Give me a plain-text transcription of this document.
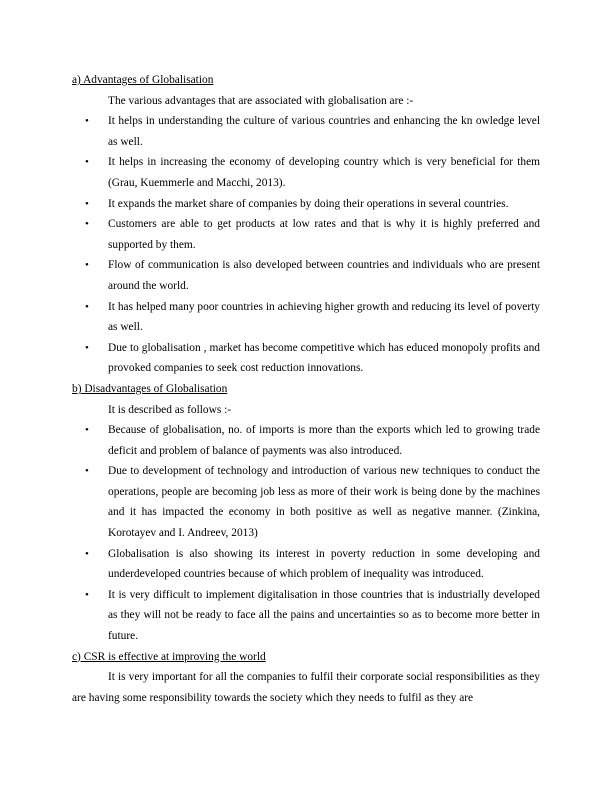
a) Advantages of Globalisation

The various advantages that are associated with globalisation are :-

• It helps in understanding the culture of various countries and enhancing the kn owledge level as well.
• It helps in increasing the economy of developing country which is very beneficial for them (Grau, Kuemmerle and Macchi, 2013).
• It expands the market share of companies by doing their operations in several countries.
• Customers are able to get products at low rates and that is why it is highly preferred and supported by them.
• Flow of communication is also developed between countries and individuals who are present around the world.
• It has helped many poor countries in achieving higher growth and reducing its level of poverty as well.
• Due to globalisation , market has become competitive which has educed monopoly profits and provoked companies to seek cost reduction innovations.

b) Disadvantages of Globalisation

It is described as follows :-

• Because of globalisation, no. of imports is more than the exports which led to growing trade deficit and problem of balance of payments was also introduced.
• Due to development of technology and introduction of various new techniques to conduct the operations, people are becoming job less as more of their work is being done by the machines and it has impacted the economy in both positive as well as negative manner. (Zinkina, Korotayev and I. Andreev, 2013)
• Globalisation is also showing its interest in poverty reduction in some developing and underdeveloped countries because of which problem of inequality was introduced.
• It is very difficult to implement digitalisation in those countries that is industrially developed as they will not be ready to face all the pains and uncertainties so as to become more better in future.

c) CSR is effective at improving the world

It is very important for all the companies to fulfil their corporate social responsibilities as they are having some responsibility towards the society which they needs to fulfil as they are
